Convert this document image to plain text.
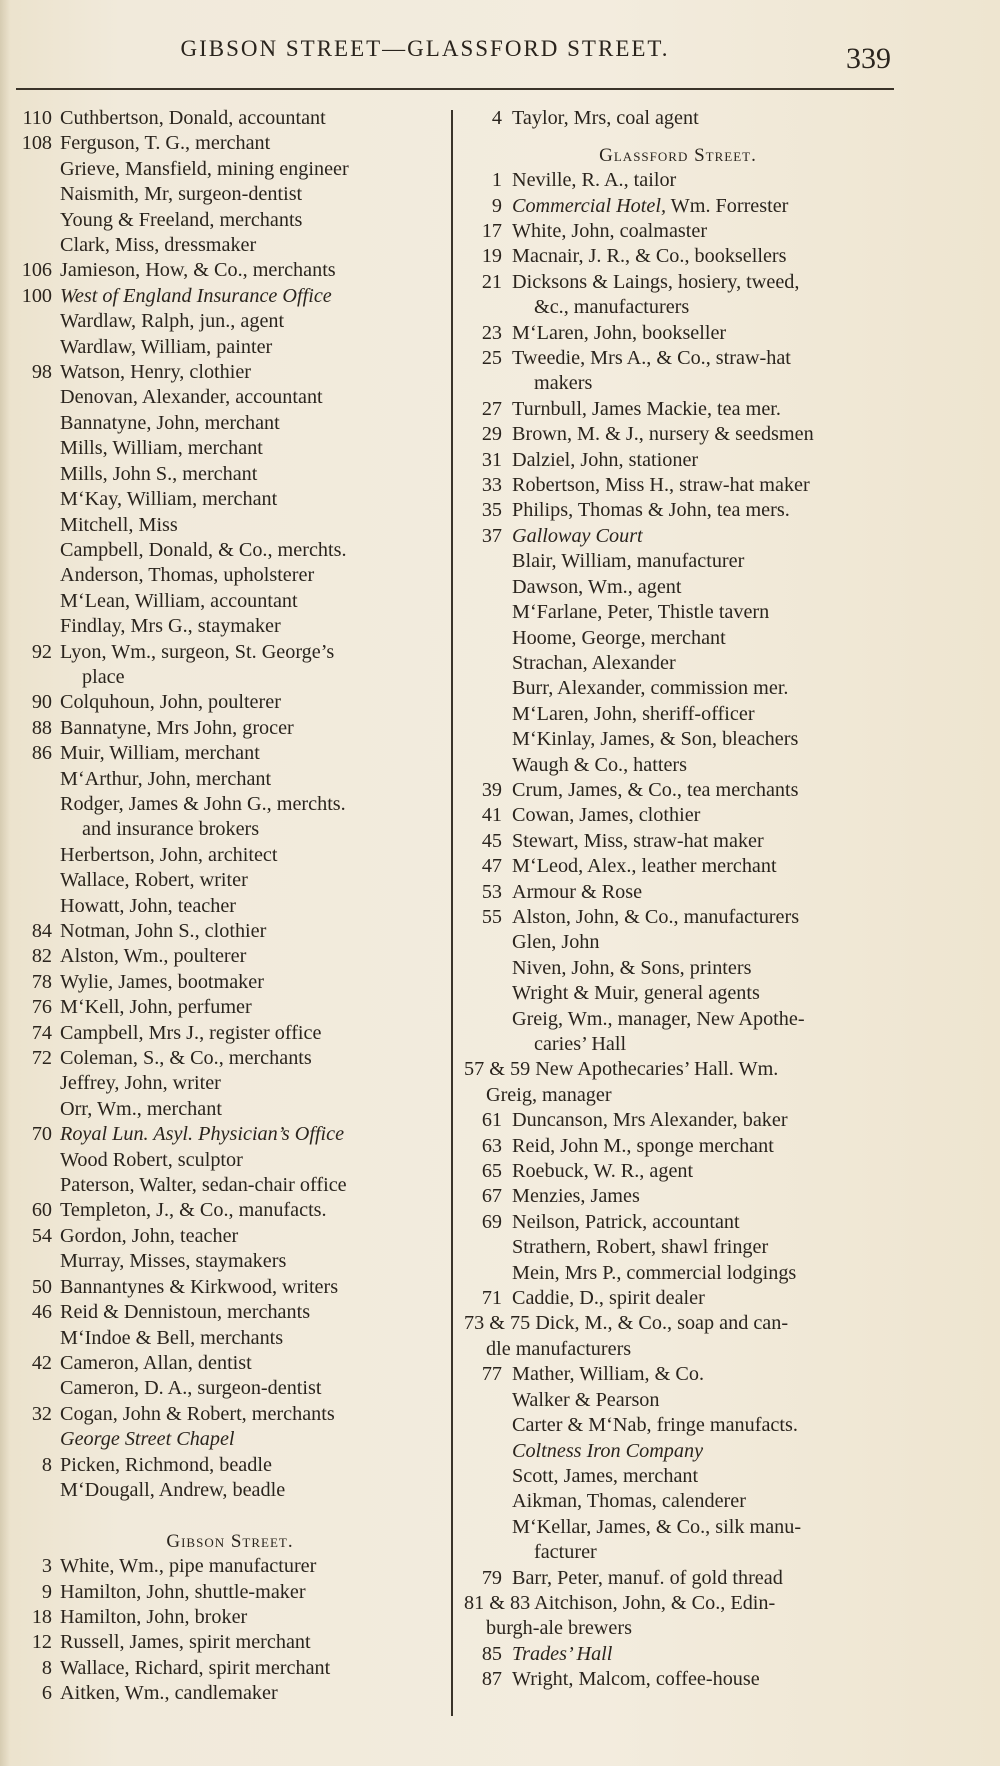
GIBSON STREET—GLASSFORD STREET.	339
110 Cuthbertson, Donald, accountant
108 Ferguson, T. G., merchant
Grieve, Mansfield, mining engineer
Naismith, Mr, surgeon-dentist
Young & Freeland, merchants
Clark, Miss, dressmaker
106 Jamieson, How, & Co., merchants
100 West of England Insurance Office
Wardlaw, Ralph, jun., agent
Wardlaw, William, painter
98 Watson, Henry, clothier
Denovan, Alexander, accountant
Bannatyne, John, merchant
Mills, William, merchant
Mills, John S., merchant
M‘Kay, William, merchant
Mitchell, Miss
Campbell, Donald, & Co., merchts.
Anderson, Thomas, upholsterer
M‘Lean, William, accountant
Findlay, Mrs G., staymaker
92 Lyon, Wm., surgeon, St. George’s
place
90 Colquhoun, John, poulterer
88 Bannatyne, Mrs John, grocer
86 Muir, William, merchant
M‘Arthur, John, merchant
Rodger, James & John G., merchts.
and insurance brokers
Herbertson, John, architect
Wallace, Robert, writer
Howatt, John, teacher
84 Notman, John S., clothier
82 Alston, Wm., poulterer
78 Wylie, James, bootmaker
76 M‘Kell, John, perfumer
74 Campbell, Mrs J., register office
72 Coleman, S., & Co., merchants
Jeffrey, John, writer
Orr, Wm., merchant
70 Royal Lun. Asyl. Physician’s Office
Wood Robert, sculptor
Paterson, Walter, sedan-chair office
60 Templeton, J., & Co., manufacts.
54 Gordon, John, teacher
Murray, Misses, staymakers
50 Bannantynes & Kirkwood, writers
46 Reid & Dennistoun, merchants
M‘Indoe & Bell, merchants
42 Cameron, Allan, dentist
Cameron, D. A., surgeon-dentist
32 Cogan, John & Robert, merchants
George Street Chapel
8 Picken, Richmond, beadle
M‘Dougall, Andrew, beadle
Gibson Street.
3 White, Wm., pipe manufacturer
9 Hamilton, John, shuttle-maker
18 Hamilton, John, broker
12 Russell, James, spirit merchant
8 Wallace, Richard, spirit merchant
6 Aitken, Wm., candlemaker
4 Taylor, Mrs, coal agent
Glassford Street.
1 Neville, R. A., tailor
9 Commercial Hotel, Wm. Forrester
17 White, John, coalmaster
19 Macnair, J. R., & Co., booksellers
21 Dicksons & Laings, hosiery, tweed,
&c., manufacturers
23 M‘Laren, John, bookseller
25 Tweedie, Mrs A., & Co., straw-hat
makers
27 Turnbull, James Mackie, tea mer.
29 Brown, M. & J., nursery & seedsmen
31 Dalziel, John, stationer
33 Robertson, Miss H., straw-hat maker
35 Philips, Thomas & John, tea mers.
37 Galloway Court
Blair, William, manufacturer
Dawson, Wm., agent
M‘Farlane, Peter, Thistle tavern
Hoome, George, merchant
Strachan, Alexander
Burr, Alexander, commission mer.
M‘Laren, John, sheriff-officer
M‘Kinlay, James, & Son, bleachers
Waugh & Co., hatters
39 Crum, James, & Co., tea merchants
41 Cowan, James, clothier
45 Stewart, Miss, straw-hat maker
47 M‘Leod, Alex., leather merchant
53 Armour & Rose
55 Alston, John, & Co., manufacturers
Glen, John
Niven, John, & Sons, printers
Wright & Muir, general agents
Greig, Wm., manager, New Apothe-
caries’ Hall
57 & 59 New Apothecaries’ Hall. Wm.
Greig, manager
61 Duncanson, Mrs Alexander, baker
63 Reid, John M., sponge merchant
65 Roebuck, W. R., agent
67 Menzies, James
69 Neilson, Patrick, accountant
Strathern, Robert, shawl fringer
Mein, Mrs P., commercial lodgings
71 Caddie, D., spirit dealer
73 & 75 Dick, M., & Co., soap and can-
dle manufacturers
77 Mather, William, & Co.
Walker & Pearson
Carter & M‘Nab, fringe manufacts.
Coltness Iron Company
Scott, James, merchant
Aikman, Thomas, calenderer
M‘Kellar, James, & Co., silk manu-
facturer
79 Barr, Peter, manuf. of gold thread
81 & 83 Aitchison, John, & Co., Edin-
burgh-ale brewers
85 Trades’ Hall
87 Wright, Malcom, coffee-house
